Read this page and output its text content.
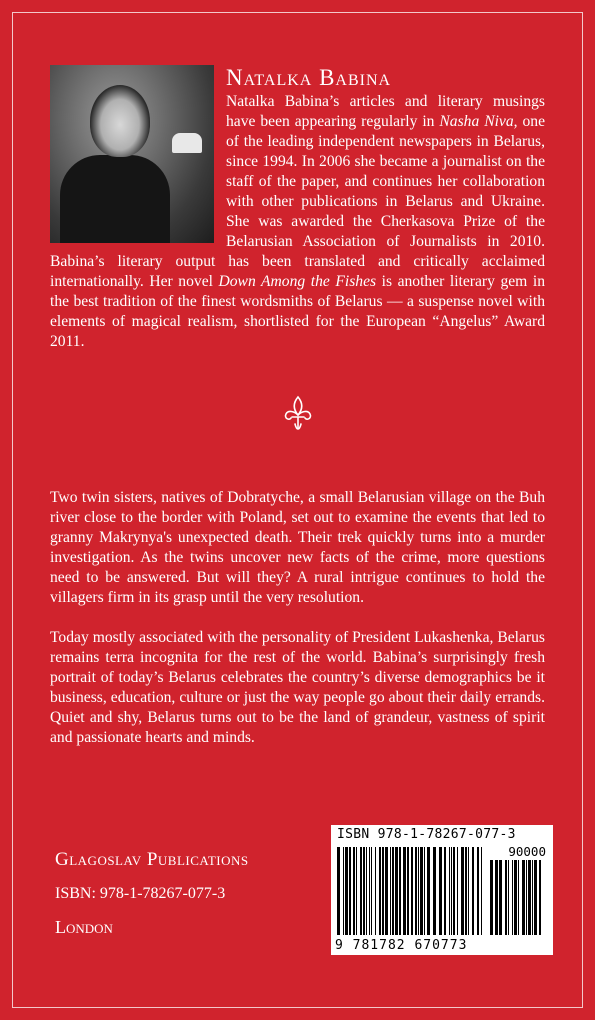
Natalka Babina

Natalka Babina’s articles and literary musings have been appearing regularly in Nasha Niva, one of the leading independent newspapers in Belarus, since 1994. In 2006 she became a journalist on the staff of the paper, and continues her collaboration with other publications in Belarus and Ukraine. She was awarded the Cherkasova Prize of the Belarusian Association of Journalists in 2010. Babina’s literary output has been translated and critically acclaimed internationally. Her novel Down Among the Fishes is another literary gem in the best tradition of the finest wordsmiths of Belarus — a suspense novel with elements of magical realism, shortlisted for the European “Angelus” Award 2011.

Two twin sisters, natives of Dobratyche, a small Belarusian village on the Buh river close to the border with Poland, set out to examine the events that led to granny Makrynya's unexpected death. Their trek quickly turns into a murder investigation. As the twins uncover new facts of the crime, more questions need to be answered. But will they? A rural intrigue continues to hold the villagers firm in its grasp until the very resolution.

Today mostly associated with the personality of President Lukashenka, Belarus remains terra incognita for the rest of the world. Babina’s surprisingly fresh portrait of today’s Belarus celebrates the country’s diverse demographics be it business, education, culture or just the way people go about their daily errands. Quiet and shy, Belarus turns out to be the land of grandeur, vastness of spirit and passionate hearts and minds.

Glagoslav Publications
ISBN: 978-1-78267-077-3
London
ISBN 978-1-78267-077-3
90000
9 781782 670773
